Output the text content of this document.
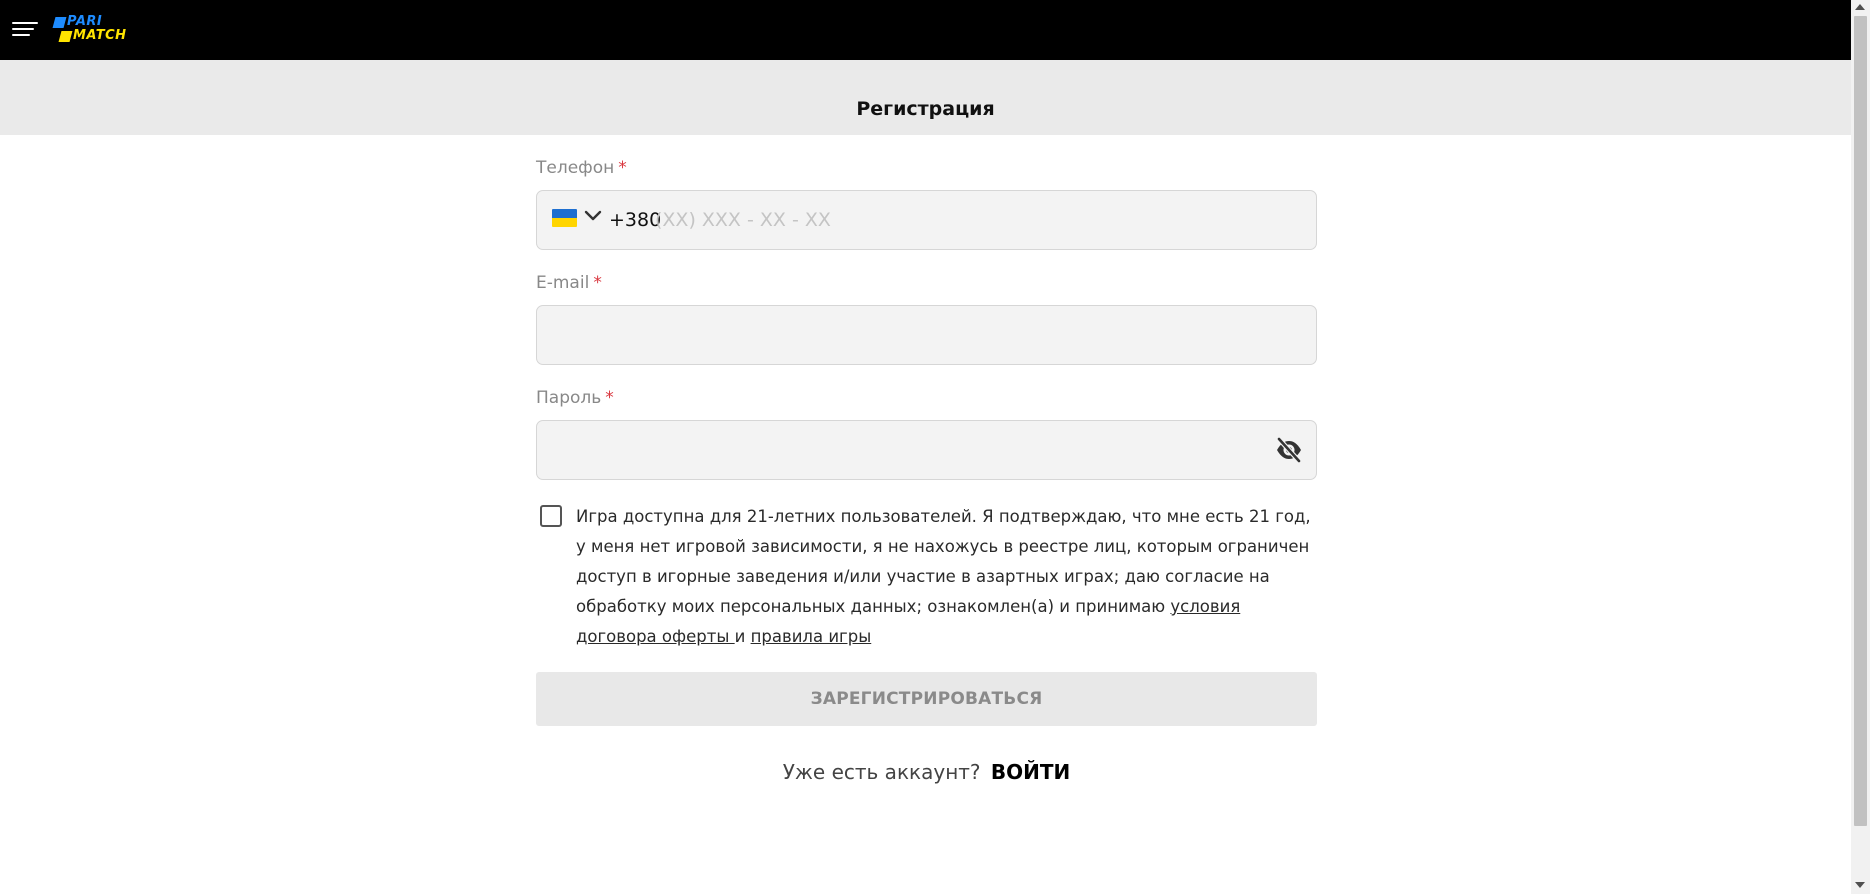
PARI
MATCH
Регистрация
Телефон *
+380
(XX) XXX - XX - XX
E-mail *
Пароль *
Игра доступна для 21-летних пользователей. Я подтверждаю, что мне есть 21 год, у меня нет игровой зависимости, я не нахожусь в реестре лиц, которым ограничен доступ в игорные заведения и/или участие в азартных играх; даю согласие на обработку моих персональных данных; ознакомлен(а) и принимаю условия договора оферты и правила игры
ЗАРЕГИСТРИРОВАТЬСЯ
Уже есть аккаунт? ВОЙТИ
